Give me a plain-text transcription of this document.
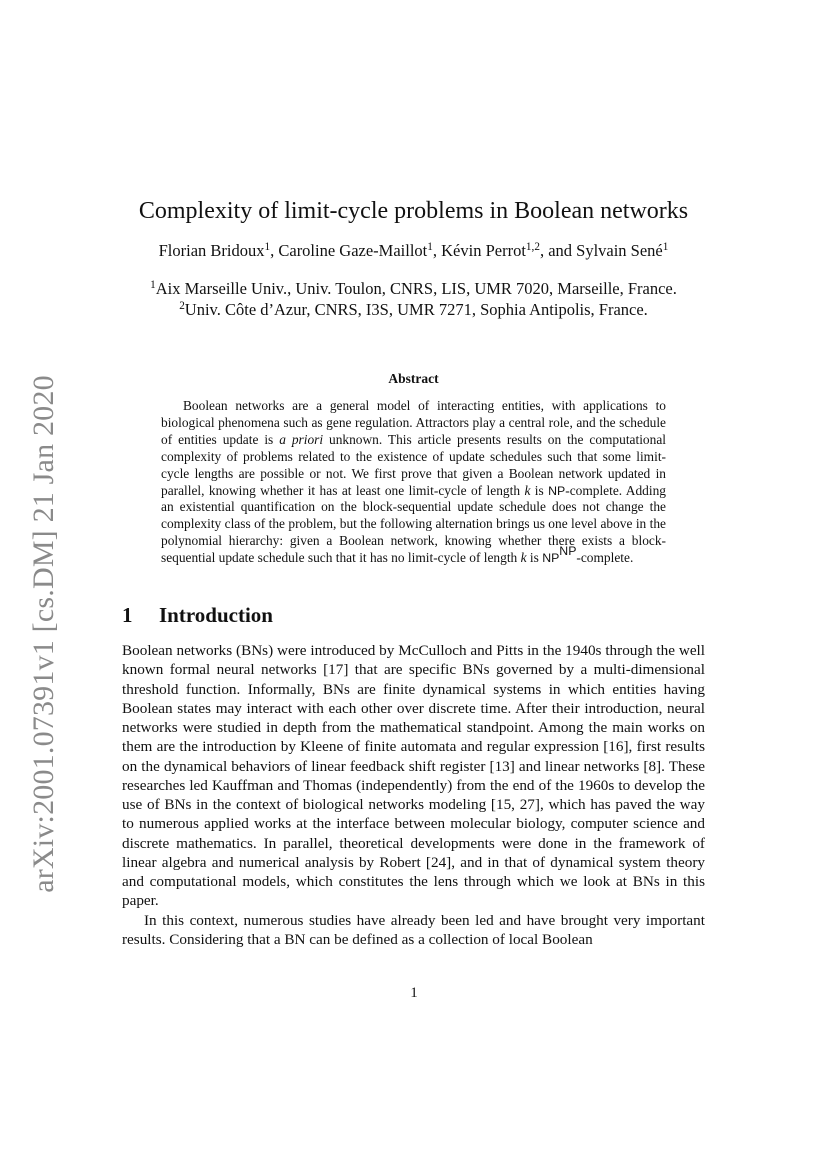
arXiv:2001.07391v1 [cs.DM] 21 Jan 2020
Complexity of limit-cycle problems in Boolean networks
Florian Bridoux$^1$, Caroline Gaze-Maillot$^1$, Kévin Perrot$^{1,2}$, and Sylvain Sené$^1$
$^1$Aix Marseille Univ., Univ. Toulon, CNRS, LIS, UMR 7020, Marseille, France.
$^2$Univ. Côte d’Azur, CNRS, I3S, UMR 7271, Sophia Antipolis, France.
Abstract

Boolean networks are a general model of interacting entities, with applications to biological phenomena such as gene regulation. Attractors play a central role, and the schedule of entities update is a priori unknown. This article presents results on the computational complexity of problems related to the existence of update schedules such that some limit-cycle lengths are possible or not. We first prove that given a Boolean network updated in parallel, knowing whether it has at least one limit-cycle of length k is NP-complete. Adding an existential quantification on the block-sequential update schedule does not change the complexity class of the problem, but the following alternation brings us one level above in the polynomial hierarchy: given a Boolean network, knowing whether there exists a block-sequential update schedule such that it has no limit-cycle of length k is $NP^{NP}$-complete.

1 Introduction

Boolean networks (BNs) were introduced by McCulloch and Pitts in the 1940s through the well known formal neural networks [17] that are specific BNs governed by a multi-dimensional threshold function. Informally, BNs are finite dynamical systems in which entities having Boolean states may interact with each other over discrete time. After their introduction, neural networks were studied in depth from the mathematical standpoint. Among the main works on them are the introduction by Kleene of finite automata and regular expression [16], first results on the dynamical behaviors of linear feedback shift register [13] and linear networks [8]. These researches led Kauffman and Thomas (independently) from the end of the 1960s to develop the use of BNs in the context of biological networks modeling [15, 27], which has paved the way to numerous applied works at the interface between molecular biology, computer science and discrete mathematics. In parallel, theoretical developments were done in the framework of linear algebra and numerical analysis by Robert [24], and in that of dynamical system theory and computational models, which constitutes the lens through which we look at BNs in this paper.

In this context, numerous studies have already been led and have brought very important results. Considering that a BN can be defined as a collection of local Boolean

1
